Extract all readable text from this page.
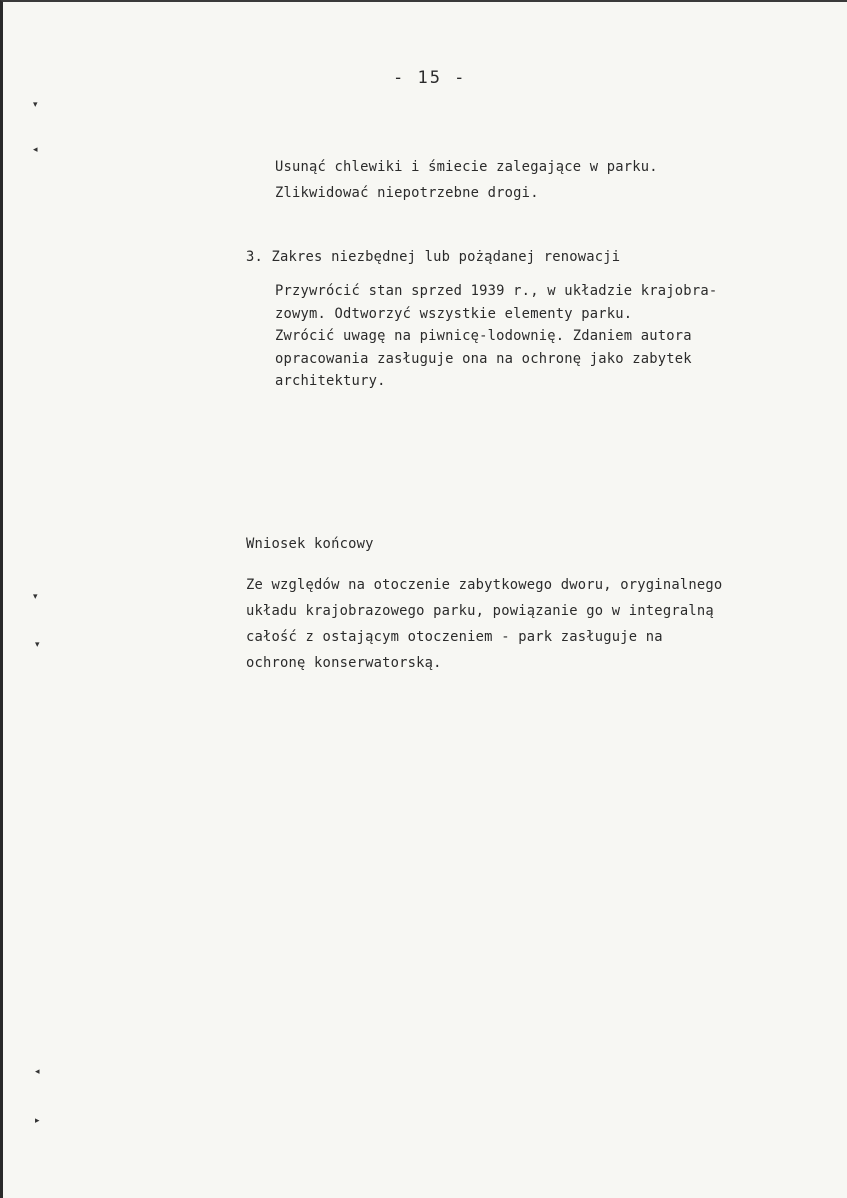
- 15 -
▾
◂
▾
▾
◂
▸
Usunąć chlewiki i śmiecie zalegające w parku.
Zlikwidować niepotrzebne drogi.
3. Zakres niezbędnej lub pożądanej renowacji
Przywrócić stan sprzed 1939 r., w układzie krajobra-
zowym. Odtworzyć wszystkie elementy parku.
Zwrócić uwagę na piwnicę-lodownię. Zdaniem autora
opracowania zasługuje ona na ochronę jako zabytek
architektury.
Wniosek końcowy
Ze względów na otoczenie zabytkowego dworu, oryginalnego
układu krajobrazowego parku, powiązanie go w integralną
całość z ostającym otoczeniem - park zasługuje na
ochronę konserwatorską.
